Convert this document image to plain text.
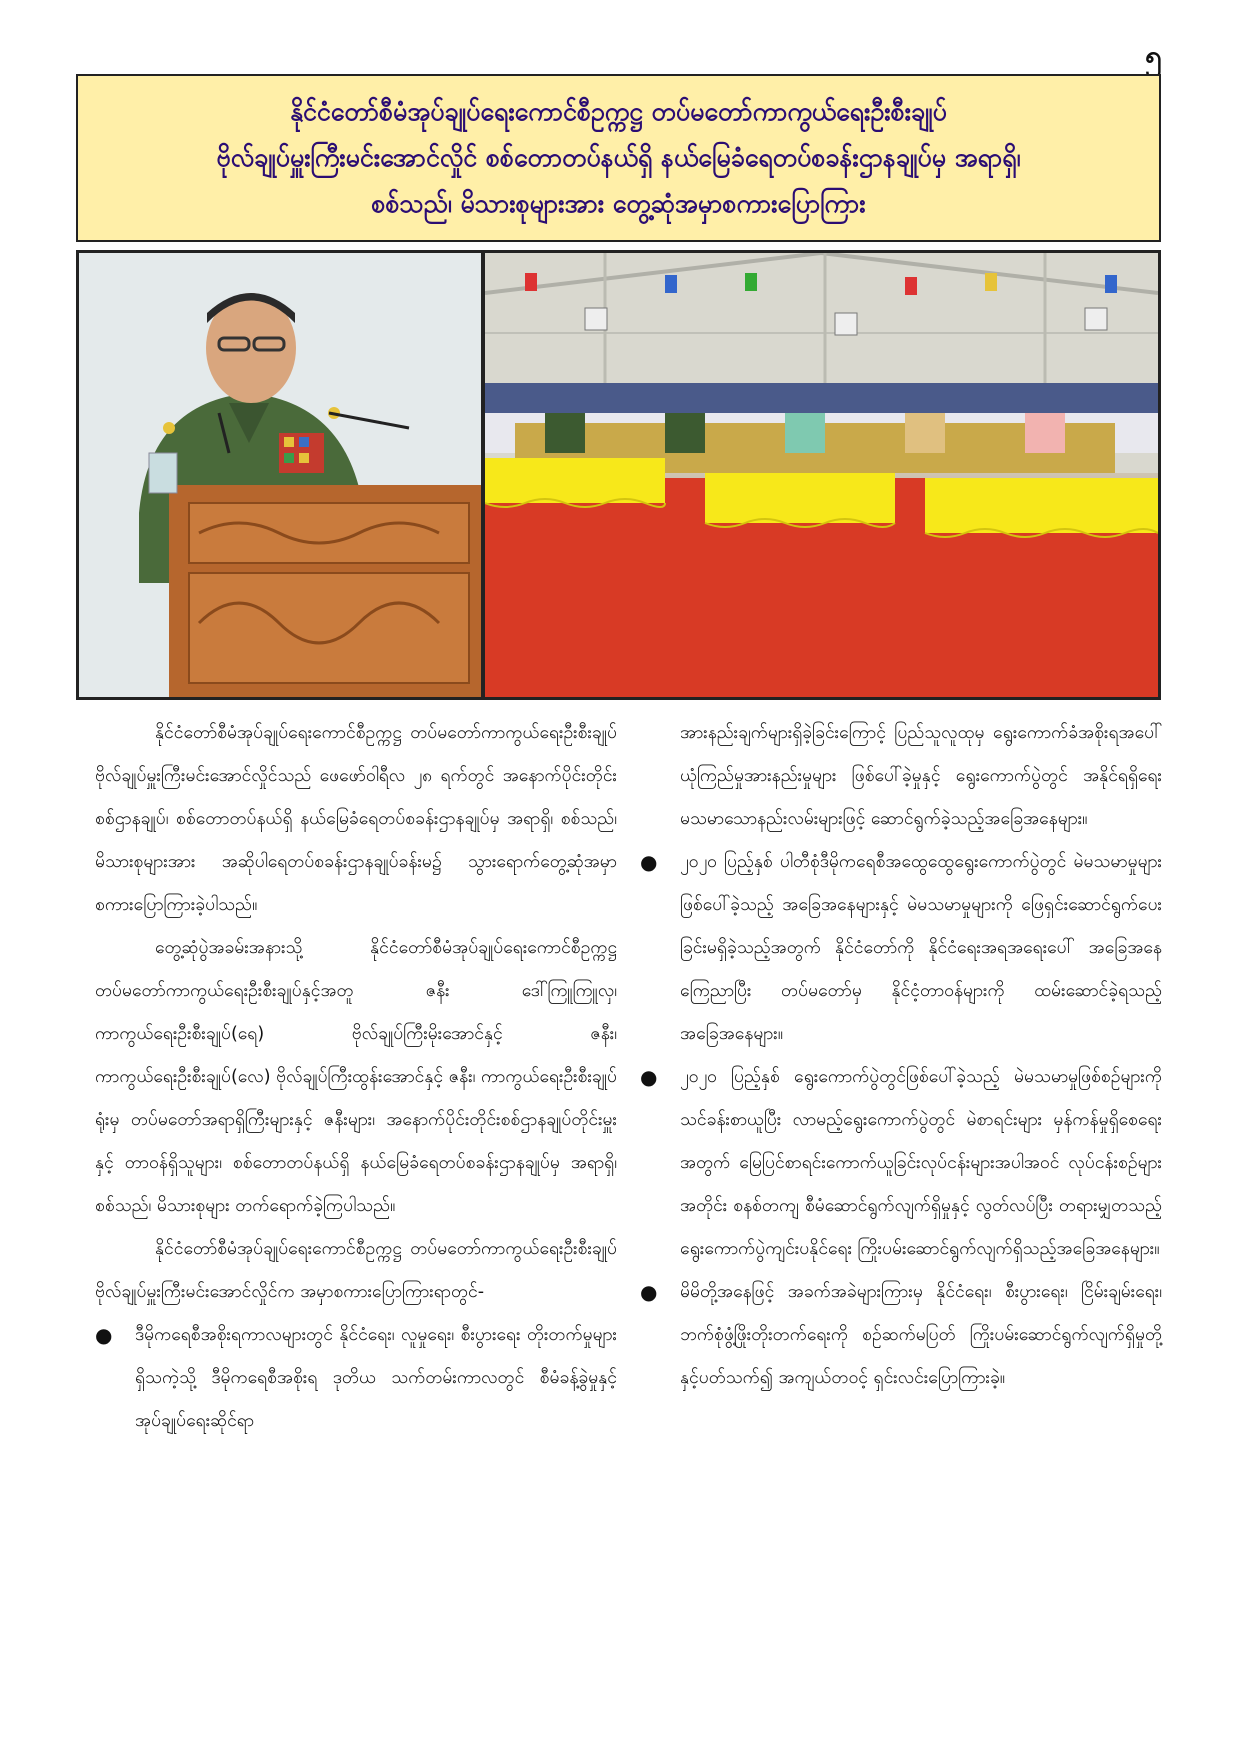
၅
နိုင်ငံတော်စီမံအုပ်ချုပ်ရေးကောင်စီဥက္ကဋ္ဌ တပ်မတော်ကာကွယ်ရေးဦးစီးချုပ်
ဗိုလ်ချုပ်မှူးကြီးမင်းအောင်လှိုင် စစ်တောတပ်နယ်ရှိ နယ်မြေခံရေတပ်စခန်းဌာနချုပ်မှ အရာရှိ၊
စစ်သည်၊ မိသားစုများအား တွေ့ဆုံအမှာစကားပြောကြား

နိုင်ငံတော်စီမံအုပ်ချုပ်ရေးကောင်စီဥက္ကဋ္ဌ တပ်မတော်ကာကွယ်ရေးဦးစီးချုပ် ဗိုလ်ချုပ်မှူးကြီးမင်းအောင်လှိုင်သည် ဖေဖော်ဝါရီလ ၂၈ ရက်တွင် အနောက်ပိုင်းတိုင်းစစ်ဌာနချုပ်၊ စစ်တောတပ်နယ်ရှိ နယ်မြေခံရေတပ်စခန်းဌာနချုပ်မှ အရာရှိ၊ စစ်သည်၊ မိသားစုများအား အဆိုပါရေတပ်စခန်းဌာနချုပ်ခန်းမ၌ သွားရောက်တွေ့ဆုံအမှာစကားပြောကြားခဲ့ပါသည်။

တွေ့ဆုံပွဲအခမ်းအနားသို့ နိုင်ငံတော်စီမံအုပ်ချုပ်ရေးကောင်စီဥက္ကဋ္ဌ တပ်မတော်ကာကွယ်ရေးဦးစီးချုပ်နှင့်အတူ ဇနီး ဒေါ်ကြူကြူလှ၊ ကာကွယ်ရေးဦးစီးချုပ်(ရေ) ဗိုလ်ချုပ်ကြီးမိုးအောင်နှင့် ဇနီး၊ ကာကွယ်ရေးဦးစီးချုပ်(လေ) ဗိုလ်ချုပ်ကြီးထွန်းအောင်နှင့် ဇနီး၊ ကာကွယ်ရေးဦးစီးချုပ်ရုံးမှ တပ်မတော်အရာရှိကြီးများနှင့် ဇနီးများ၊ အနောက်ပိုင်းတိုင်းစစ်ဌာနချုပ်တိုင်းမှူးနှင့် တာဝန်ရှိသူများ၊ စစ်တောတပ်နယ်ရှိ နယ်မြေခံရေတပ်စခန်းဌာနချုပ်မှ အရာရှိ၊ စစ်သည်၊ မိသားစုများ တက်ရောက်ခဲ့ကြပါသည်။

နိုင်ငံတော်စီမံအုပ်ချုပ်ရေးကောင်စီဥက္ကဋ္ဌ တပ်မတော်ကာကွယ်ရေးဦးစီးချုပ် ဗိုလ်ချုပ်မှူးကြီးမင်းအောင်လှိုင်က အမှာစကားပြောကြားရာတွင်-

●	ဒီမိုကရေစီအစိုးရကာလများတွင် နိုင်ငံရေး၊ လူမှုရေး၊ စီးပွားရေး တိုးတက်မှုများရှိသကဲ့သို့ ဒီမိုကရေစီအစိုးရ ဒုတိယ သက်တမ်းကာလတွင် စီမံခန့်ခွဲမှုနှင့် အုပ်ချုပ်ရေးဆိုင်ရာ
အားနည်းချက်များရှိခဲ့ခြင်းကြောင့် ပြည်သူလူထုမှ ရွေးကောက်ခံအစိုးရအပေါ် ယုံကြည်မှုအားနည်းမှုများ ဖြစ်ပေါ်ခဲ့မှုနှင့် ရွေးကောက်ပွဲတွင် အနိုင်ရရှိရေး မသမာသောနည်းလမ်းများဖြင့် ဆောင်ရွက်ခဲ့သည့်အခြေအနေများ။
●	၂၀၂၀ ပြည့်နှစ် ပါတီစုံဒီမိုကရေစီအထွေထွေရွေးကောက်ပွဲတွင် မဲမသမာမှုများဖြစ်ပေါ်ခဲ့သည့် အခြေအနေများနှင့် မဲမသမာမှုများကို ဖြေရှင်းဆောင်ရွက်ပေးခြင်းမရှိခဲ့သည့်အတွက် နိုင်ငံတော်ကို နိုင်ငံရေးအရအရေးပေါ် အခြေအနေကြေညာပြီး တပ်မတော်မှ နိုင်ငံ့တာဝန်များကို ထမ်းဆောင်ခဲ့ရသည့်အခြေအနေများ။
●	၂၀၂၀ ပြည့်နှစ် ရွေးကောက်ပွဲတွင်ဖြစ်ပေါ်ခဲ့သည့် မဲမသမာမှုဖြစ်စဉ်များကို သင်ခန်းစာယူပြီး လာမည့်ရွေးကောက်ပွဲတွင် မဲစာရင်းများ မှန်ကန်မှုရှိစေရေးအတွက် မြေပြင်စာရင်းကောက်ယူခြင်းလုပ်ငန်းများအပါအဝင် လုပ်ငန်းစဉ်များအတိုင်း စနစ်တကျ စီမံဆောင်ရွက်လျက်ရှိမှုနှင့် လွတ်လပ်ပြီး တရားမျှတသည့် ရွေးကောက်ပွဲကျင်းပနိုင်ရေး ကြိုးပမ်းဆောင်ရွက်လျက်ရှိသည့်အခြေအနေများ။
●	မိမိတို့အနေဖြင့် အခက်အခဲများကြားမှ နိုင်ငံရေး၊ စီးပွားရေး၊ ငြိမ်းချမ်းရေး၊ ဘက်စုံဖွံ့ဖြိုးတိုးတက်ရေးကို စဉ်ဆက်မပြတ် ကြိုးပမ်းဆောင်ရွက်လျက်ရှိမှုတို့နှင့်ပတ်သက်၍ အကျယ်တဝင့် ရှင်းလင်းပြောကြားခဲ့။
